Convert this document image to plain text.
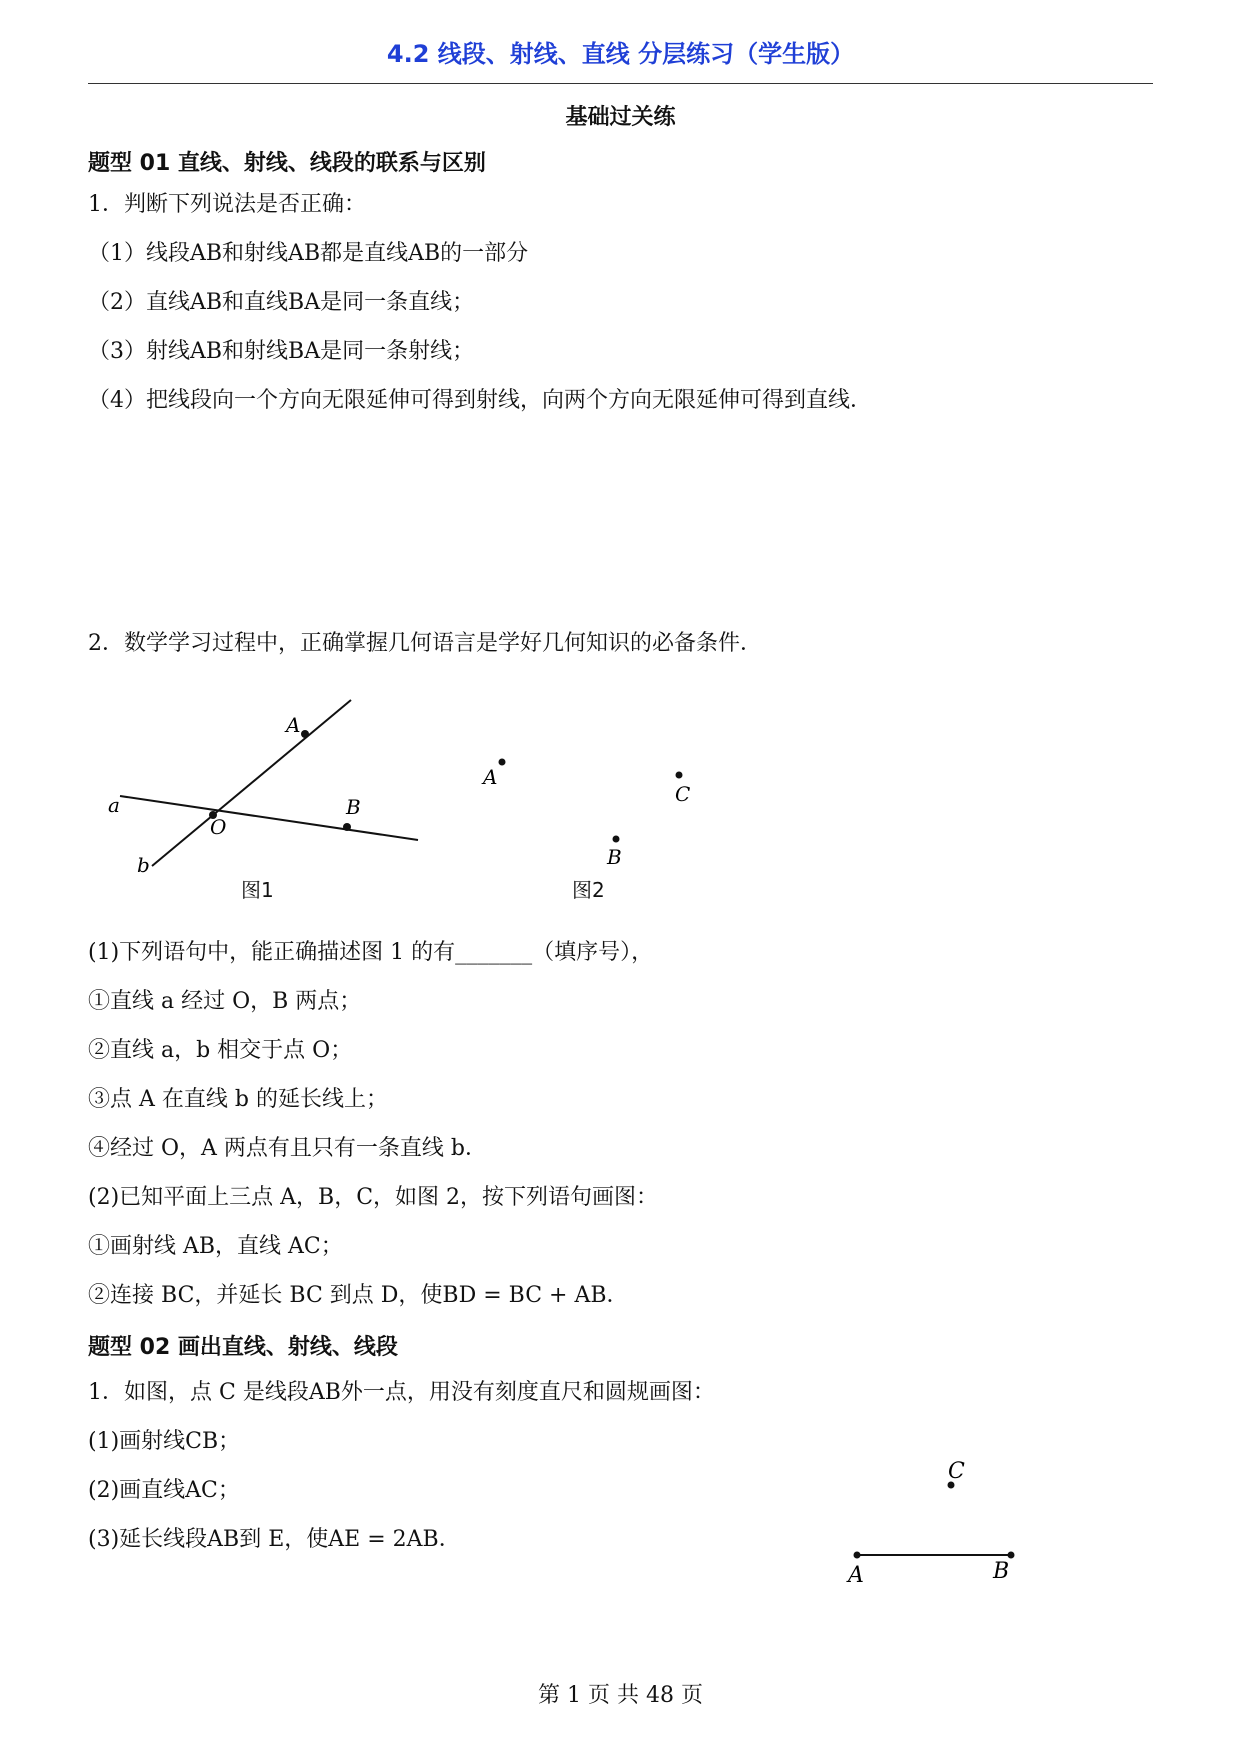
4.2 线段、射线、直线 分层练习（学生版）
基础过关练
题型 01 直线、射线、线段的联系与区别
1．判断下列说法是否正确：
（1）线段AB和射线AB都是直线AB的一部分
（2）直线AB和直线BA是同一条直线；
（3）射线AB和射线BA是同一条射线；
（4）把线段向一个方向无限延伸可得到射线，向两个方向无限延伸可得到直线．
2．数学学习过程中，正确掌握几何语言是学好几何知识的必备条件．
A
a
O
B
b
图1
A
C
B
图2
(1)下列语句中，能正确描述图 1 的有_______（填序号），
①直线 a 经过 O，B 两点；
②直线 a，b 相交于点 O；
③点 A 在直线 b 的延长线上；
④经过 O，A 两点有且只有一条直线 b．
(2)已知平面上三点 A，B，C，如图 2，按下列语句画图：
①画射线 AB，直线 AC；
②连接 BC，并延长 BC 到点 D，使BD = BC + AB．
题型 02 画出直线、射线、线段
1．如图，点 C 是线段AB外一点，用没有刻度直尺和圆规画图：
(1)画射线CB；
(2)画直线AC；
(3)延长线段AB到 E，使AE = 2AB．
C
A	B
第 1 页 共 48 页
